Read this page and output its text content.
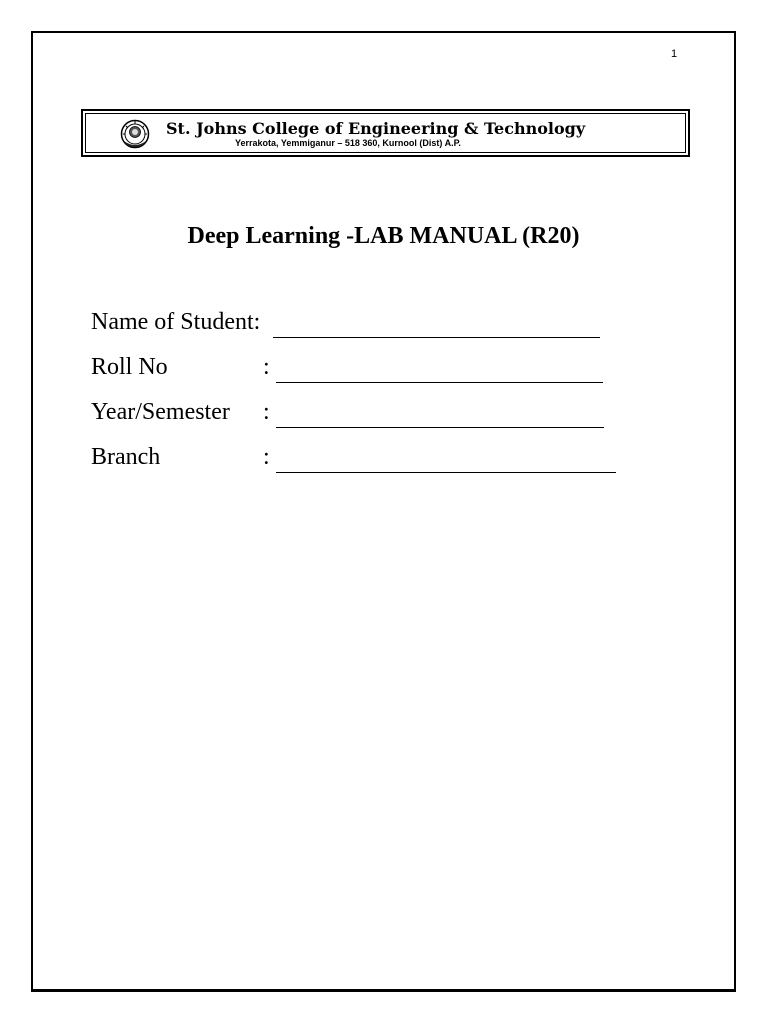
1
St. Johns College of Engineering & Technology
Yerrakota, Yemmiganur – 518 360, Kurnool (Dist) A.P.
Deep Learning -LAB MANUAL (R20)
Name of Student:
Roll No	:
Year/Semester :
Branch	:
